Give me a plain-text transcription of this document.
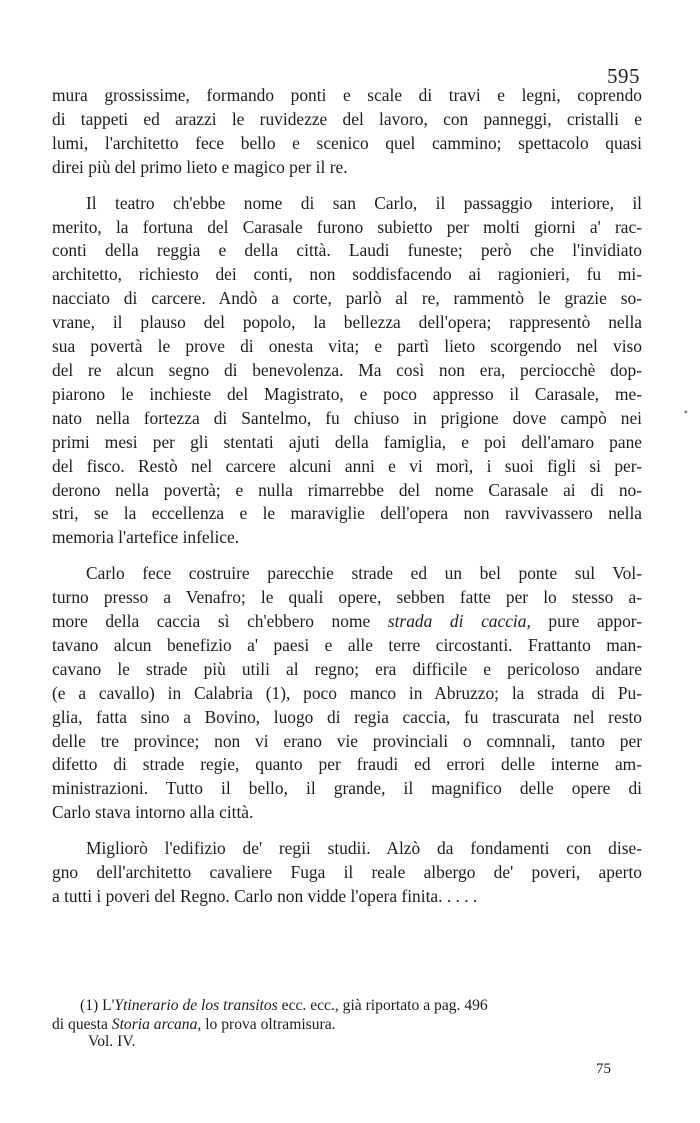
595

mura grossissime, formando ponti e scale di travi e legni, coprendo
di tappeti ed arazzi le ruvidezze del lavoro, con panneggi, cristalli e
lumi, l'architetto fece bello e scenico quel cammino; spettacolo quasi
direi più del primo lieto e magico per il re.

Il teatro ch'ebbe nome di san Carlo, il passaggio interiore, il
merito, la fortuna del Carasale furono subietto per molti giorni a' rac-
conti della reggia e della città. Laudi funeste; però che l'invidiato
architetto, richiesto dei conti, non soddisfacendo ai ragionieri, fu mi-
nacciato di carcere. Andò a corte, parlò al re, rammentò le grazie so-
vrane, il plauso del popolo, la bellezza dell'opera; rappresentò nella
sua povertà le prove di onesta vita; e partì lieto scorgendo nel viso
del re alcun segno di benevolenza. Ma così non era, perciocchè dop-
piarono le inchieste del Magistrato, e poco appresso il Carasale, me-
nato nella fortezza di Santelmo, fu chiuso in prigione dove campò nei
primi mesi per gli stentati ajuti della famiglia, e poi dell'amaro pane
del fisco. Restò nel carcere alcuni anni e vi morì, i suoi figli si per-
derono nella povertà; e nulla rimarrebbe del nome Carasale ai di no-
stri, se la eccellenza e le maraviglie dell'opera non ravvivassero nella
memoria l'artefice infelice.

Carlo fece costruire parecchie strade ed un bel ponte sul Vol-
turno presso a Venafro; le quali opere, sebben fatte per lo stesso a-
more della caccia sì ch'ebbero nome strada di caccia, pure appor-
tavano alcun benefizio a' paesi e alle terre circostanti. Frattanto man-
cavano le strade più utili al regno; era difficile e pericoloso andare
(e a cavallo) in Calabria (1), poco manco in Abruzzo; la strada di Pu-
glia, fatta sino a Bovino, luogo di regia caccia, fu trascurata nel resto
delle tre province; non vi erano vie provinciali o comnnali, tanto per
difetto di strade regie, quanto per fraudi ed errori delle interne am-
ministrazioni. Tutto il bello, il grande, il magnifico delle opere di
Carlo stava intorno alla città.

Migliorò l'edifizio de' regii studii. Alzò da fondamenti con dise-
gno dell'architetto cavaliere Fuga il reale albergo de' poveri, aperto
a tutti i poveri del Regno. Carlo non vidde l'opera finita. . . . .

(1) L'Ytinerario de los transitos ecc. ecc., già riportato a pag. 496
di questa Storia arcana, lo prova oltramisura.
Vol. IV.
75
•
